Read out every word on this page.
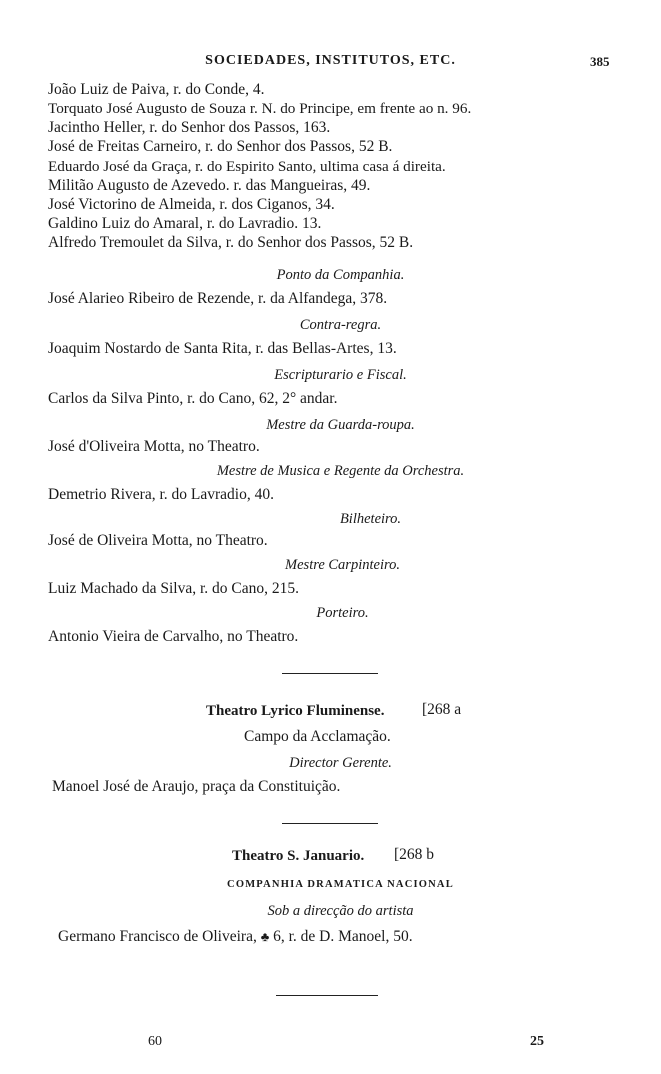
SOCIEDADES, INSTITUTOS, ETC.	385
João Luiz de Paiva, r. do Conde, 4.
Torquato José Augusto de Souza r. N. do Principe, em frente ao n. 96.
Jacintho Heller, r. do Senhor dos Passos, 163.
José de Freitas Carneiro, r. do Senhor dos Passos, 52 B.
Eduardo José da Graça, r. do Espirito Santo, ultima casa á direita.
Militão Augusto de Azevedo. r. das Mangueiras, 49.
José Victorino de Almeida, r. dos Ciganos, 34.
Galdino Luiz do Amaral, r. do Lavradio. 13.
Alfredo Tremoulet da Silva, r. do Senhor dos Passos, 52 B.
Ponto da Companhia.
José Alarieo Ribeiro de Rezende, r. da Alfandega, 378.
Contra-regra.
Joaquim Nostardo de Santa Rita, r. das Bellas-Artes, 13.
Escripturario e Fiscal.
Carlos da Silva Pinto, r. do Cano, 62, 2° andar.
Mestre da Guarda-roupa.
José d'Oliveira Motta, no Theatro.
Mestre de Musica e Regente da Orchestra.
Demetrio Rivera, r. do Lavradio, 40.
Bilheteiro.
José de Oliveira Motta, no Theatro.
Mestre Carpinteiro.
Luiz Machado da Silva, r. do Cano, 215.
Porteiro.
Antonio Vieira de Carvalho, no Theatro.
Theatro Lyrico Fluminense. [268 a
Campo da Acclamação.
Director Gerente.
Manoel José de Araujo, praça da Constituição.
Theatro S. Januario. [268 b
COMPANHIA DRAMATICA NACIONAL
Sob a direcção do artista
Germano Francisco de Oliveira, ♣ 6, r. de D. Manoel, 50.
60	25
